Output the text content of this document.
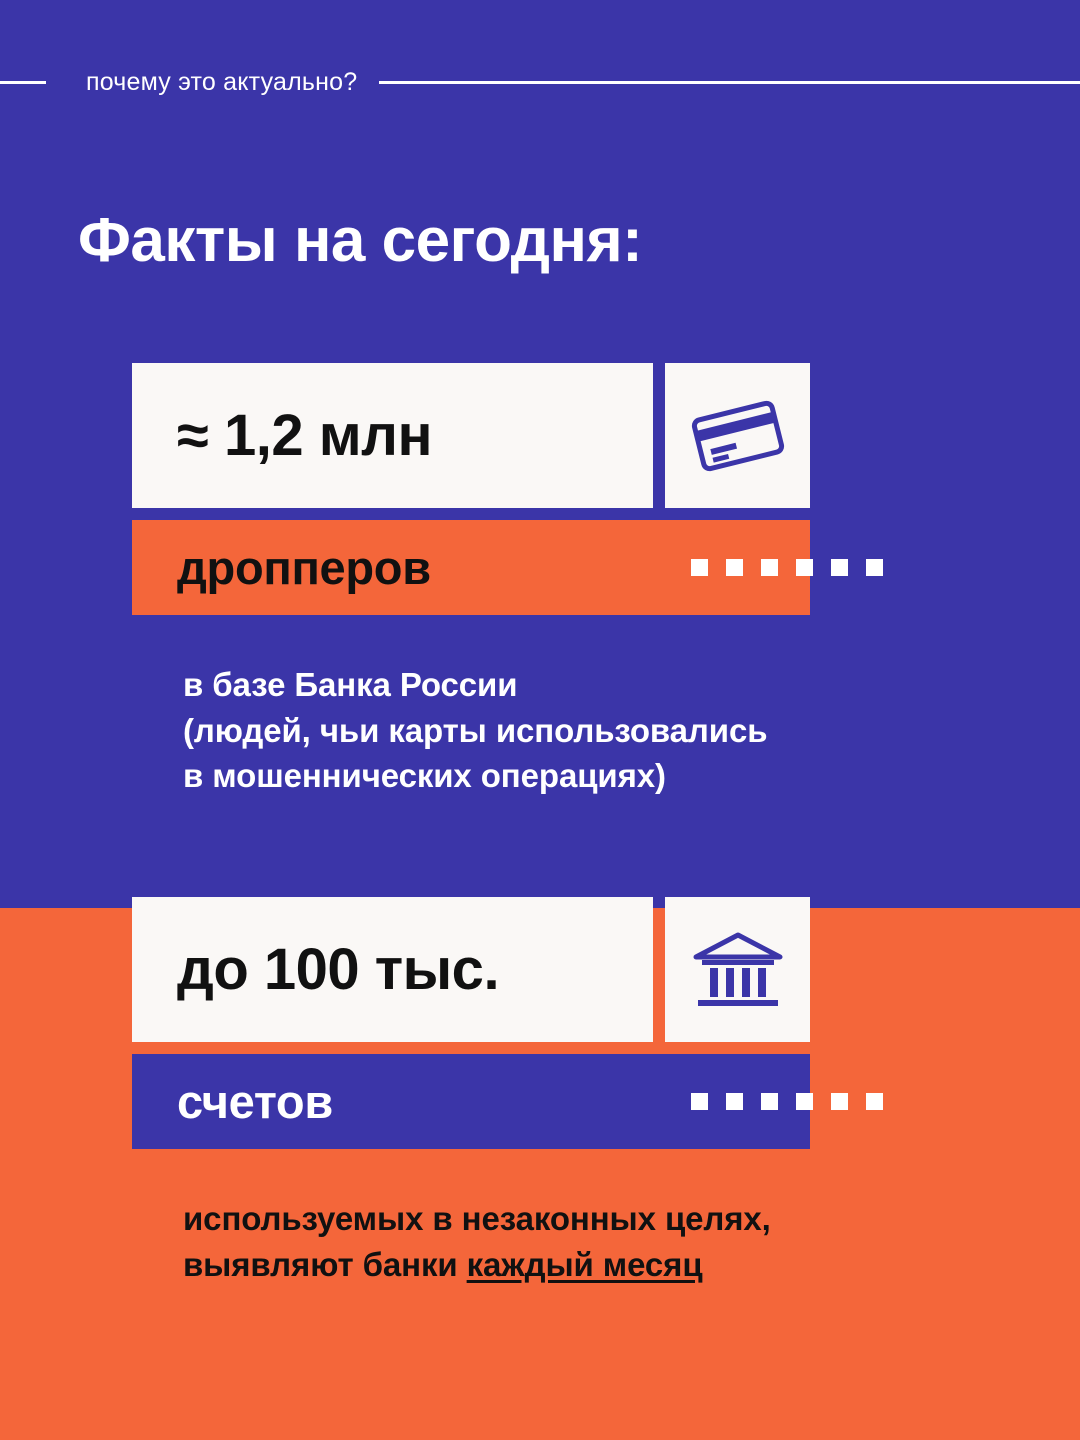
почему это актуально?
Факты на сегодня:
≈ 1,2 млн
дропперов
в базе Банка России
(людей, чьи карты использовались
в мошеннических операциях)
до 100 тыс.
счетов
используемых в незаконных целях,
выявляют банки каждый месяц
